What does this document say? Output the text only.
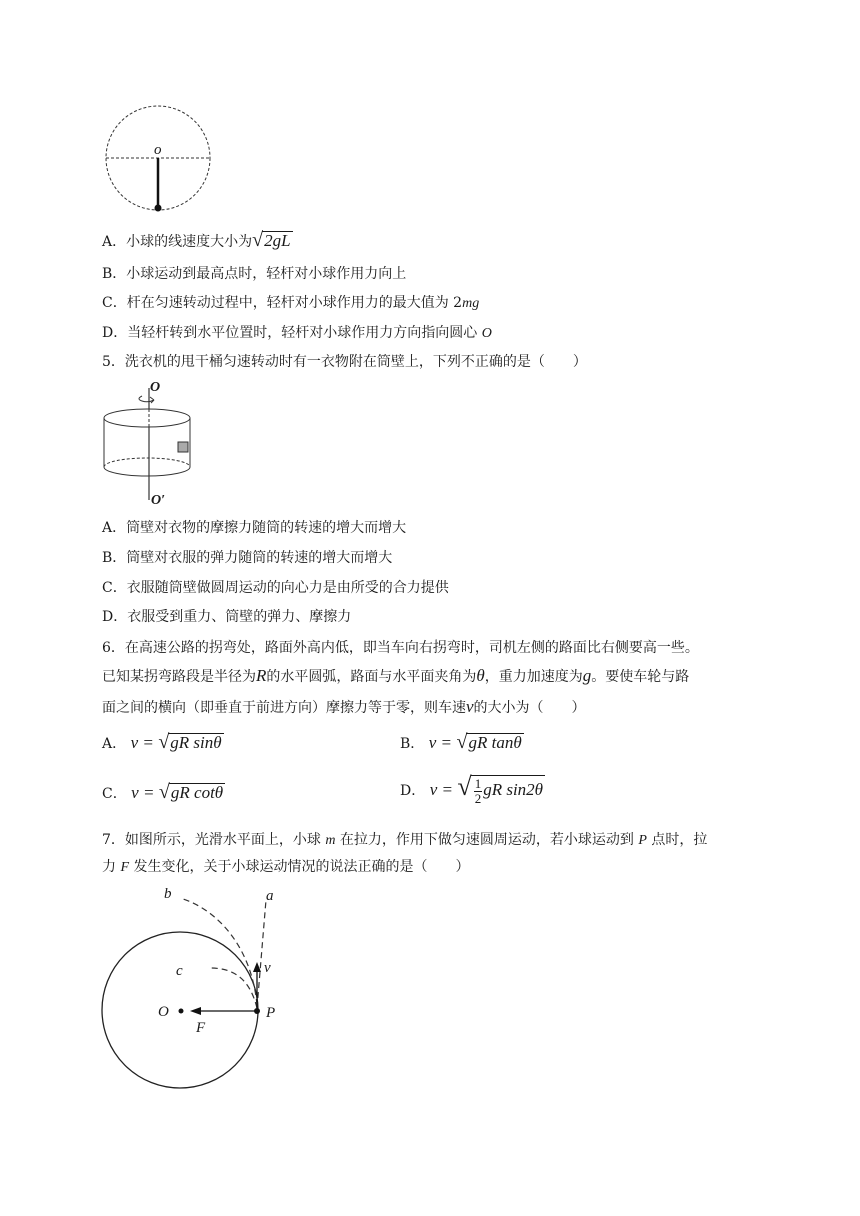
o
A．小球的线速度大小为√2gL
B．小球运动到最高点时，轻杆对小球作用力向上
C．杆在匀速转动过程中，轻杆对小球作用力的最大值为 2mg
D．当轻杆转到水平位置时，轻杆对小球作用力方向指向圆心 O
5．洗衣机的甩干桶匀速转动时有一衣物附在筒壁上，下列不正确的是（　　）
O
O′
A．筒壁对衣物的摩擦力随筒的转速的增大而增大
B．筒壁对衣服的弹力随筒的转速的增大而增大
C．衣服随筒壁做圆周运动的向心力是由所受的合力提供
D．衣服受到重力、筒壁的弹力、摩擦力
6．在高速公路的拐弯处，路面外高内低，即当车向右拐弯时，司机左侧的路面比右侧要高一些。
已知某拐弯路段是半径为R的水平圆弧，路面与水平面夹角为θ，重力加速度为g。要使车轮与路
面之间的横向（即垂直于前进方向）摩擦力等于零，则车速v的大小为（　　）
A． v = √gR sinθ	B． v = √gR tanθ
C． v = √gR cotθ	D． v = √ $\frac{1}{2}$ gR sin2θ
7．如图所示，光滑水平面上，小球 m 在拉力，作用下做匀速圆周运动，若小球运动到 P 点时，拉
力 F 发生变化，关于小球运动情况的说法正确的是（　　）
a
b
c	v
O
F
P
